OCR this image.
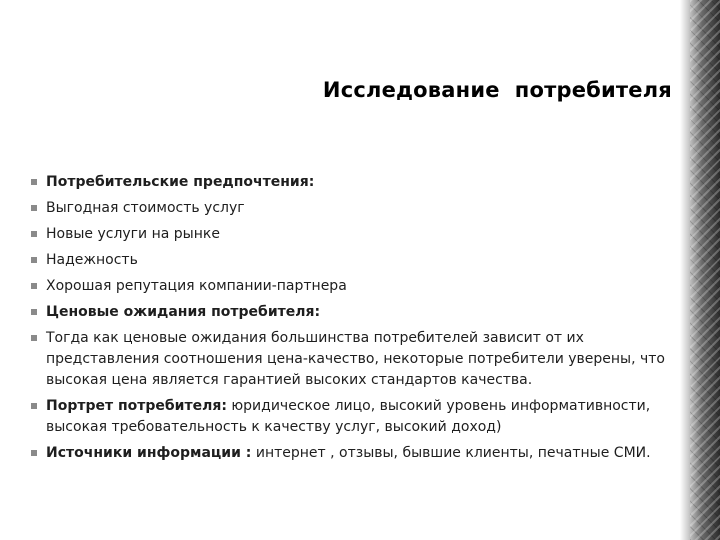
Исследование  потребителя
Потребительские предпочтения:
Выгодная стоимость услуг
Новые услуги на рынке
Надежность
Хорошая репутация компании-партнера
Ценовые ожидания потребителя:
Тогда как ценовые ожидания большинства потребителей зависит от их представления соотношения цена-качество, некоторые потребители уверены, что высокая цена является гарантией высоких стандартов качества.
Портрет потребителя: юридическое лицо, высокий уровень информативности, высокая требовательность к качеству услуг, высокий доход)
Источники информации : интернет , отзывы, бывшие клиенты, печатные СМИ.
